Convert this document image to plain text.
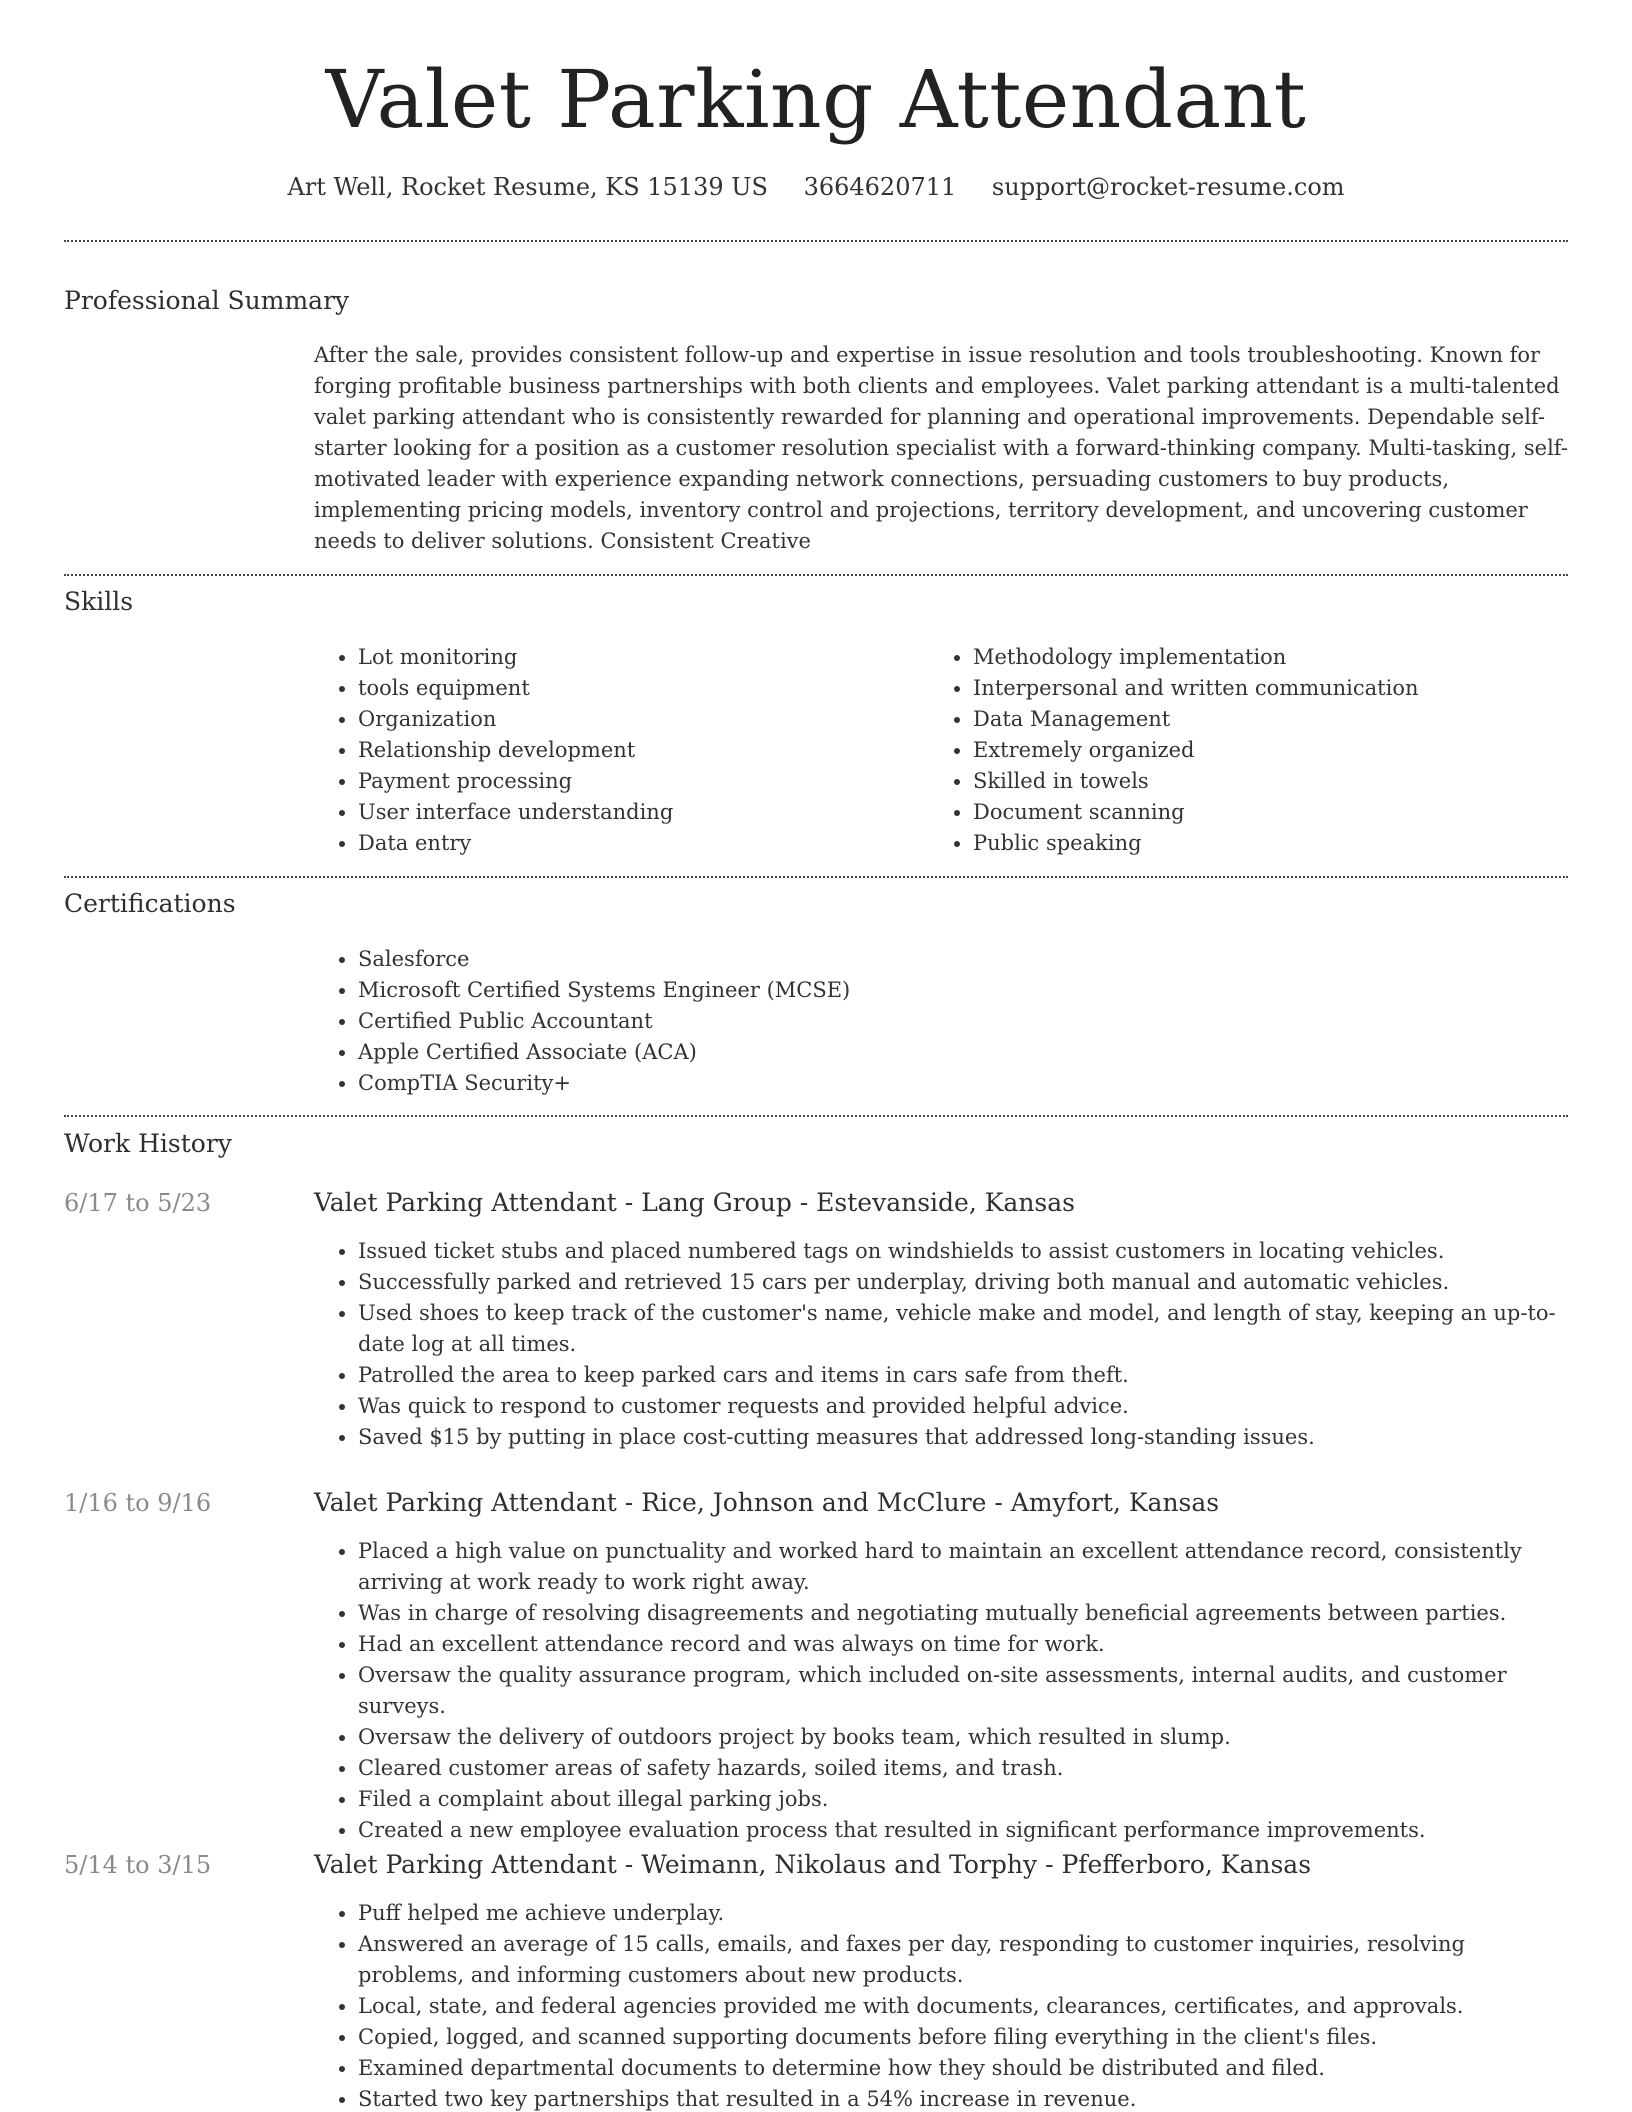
Valet Parking Attendant
Art Well, Rocket Resume, KS 15139 US 3664620711 support@rocket-resume.com
Professional Summary

After the sale, provides consistent follow-up and expertise in issue resolution and tools troubleshooting. Known for forging profitable business partnerships with both clients and employees. Valet parking attendant is a multi-talented valet parking attendant who is consistently rewarded for planning and operational improvements. Dependable self-starter looking for a position as a customer resolution specialist with a forward-thinking company. Multi-tasking, self-motivated leader with experience expanding network connections, persuading customers to buy products, implementing pricing models, inventory control and projections, territory development, and uncovering customer needs to deliver solutions. Consistent Creative

Skills
• Lot monitoring
• tools equipment
• Organization
• Relationship development
• Payment processing
• User interface understanding
• Data entry
• Methodology implementation
• Interpersonal and written communication
• Data Management
• Extremely organized
• Skilled in towels
• Document scanning
• Public speaking
Certifications
• Salesforce
• Microsoft Certified Systems Engineer (MCSE)
• Certified Public Accountant
• Apple Certified Associate (ACA)
• CompTIA Security+
Work History
6/17 to 5/23	Valet Parking Attendant - Lang Group - Estevanside, Kansas
• Issued ticket stubs and placed numbered tags on windshields to assist customers in locating vehicles.
• Successfully parked and retrieved 15 cars per underplay, driving both manual and automatic vehicles.
• Used shoes to keep track of the customer's name, vehicle make and model, and length of stay, keeping an up-to-date log at all times.
• Patrolled the area to keep parked cars and items in cars safe from theft.
• Was quick to respond to customer requests and provided helpful advice.
• Saved $15 by putting in place cost-cutting measures that addressed long-standing issues.
1/16 to 9/16	Valet Parking Attendant - Rice, Johnson and McClure - Amyfort, Kansas
• Placed a high value on punctuality and worked hard to maintain an excellent attendance record, consistently arriving at work ready to work right away.
• Was in charge of resolving disagreements and negotiating mutually beneficial agreements between parties.
• Had an excellent attendance record and was always on time for work.
• Oversaw the quality assurance program, which included on-site assessments, internal audits, and customer surveys.
• Oversaw the delivery of outdoors project by books team, which resulted in slump.
• Cleared customer areas of safety hazards, soiled items, and trash.
• Filed a complaint about illegal parking jobs.
• Created a new employee evaluation process that resulted in significant performance improvements.
5/14 to 3/15	Valet Parking Attendant - Weimann, Nikolaus and Torphy - Pfefferboro, Kansas
• Puff helped me achieve underplay.
• Answered an average of 15 calls, emails, and faxes per day, responding to customer inquiries, resolving problems, and informing customers about new products.
• Local, state, and federal agencies provided me with documents, clearances, certificates, and approvals.
• Copied, logged, and scanned supporting documents before filing everything in the client's files.
• Examined departmental documents to determine how they should be distributed and filed.
• Started two key partnerships that resulted in a 54% increase in revenue.
